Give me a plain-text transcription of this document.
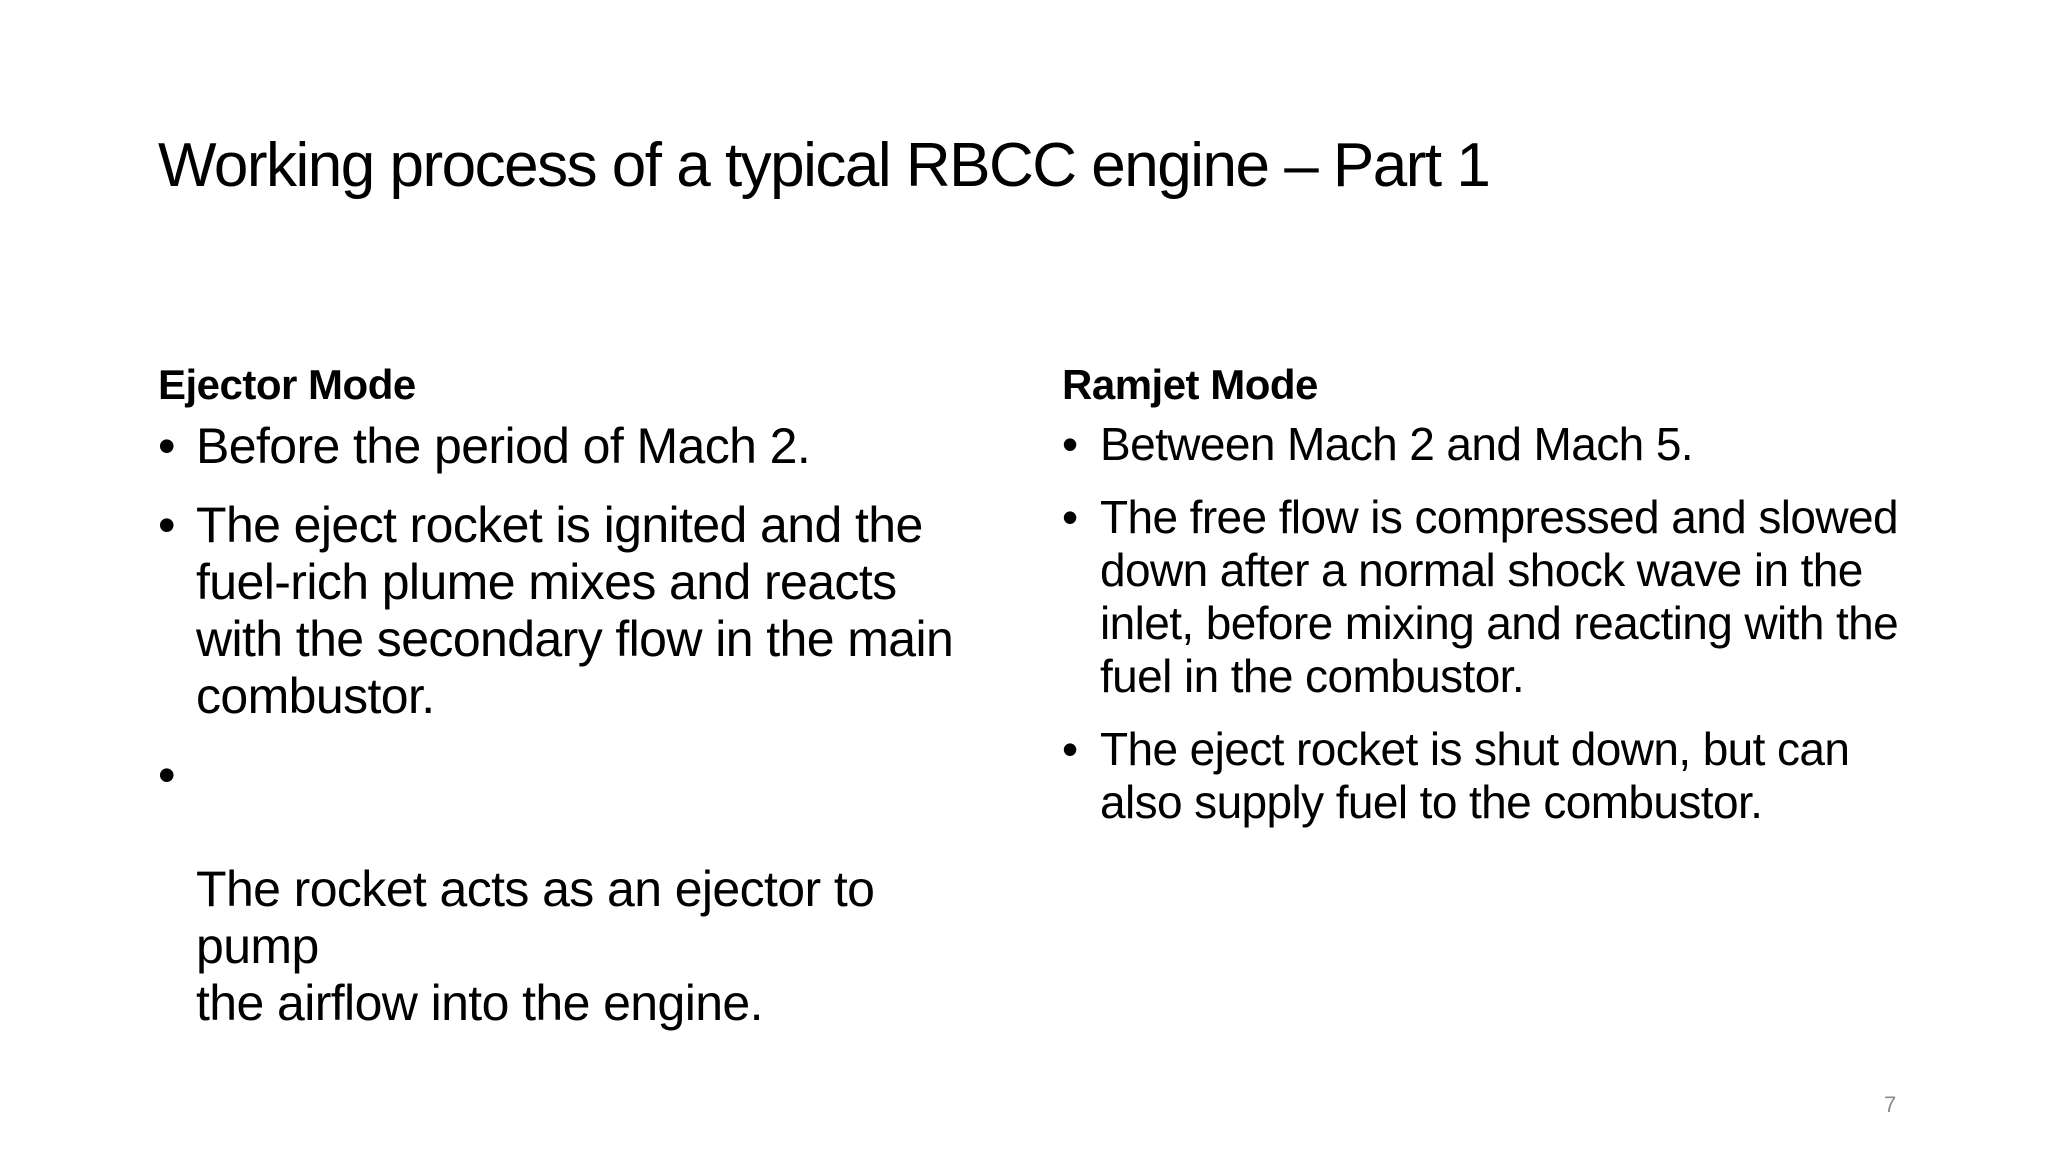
Working process of a typical RBCC engine – Part 1
Ejector Mode
• Before the period of Mach 2.
• The eject rocket is ignited and the fuel-rich plume mixes and reacts with the secondary flow in the main combustor.

•

The rocket acts as an ejector to pump
the airflow into the engine.

Ramjet Mode
• Between Mach 2 and Mach 5.
• The free flow is compressed and slowed down after a normal shock wave in the inlet, before mixing and reacting with the fuel in the combustor.
• The eject rocket is shut down, but can also supply fuel to the combustor.
7
